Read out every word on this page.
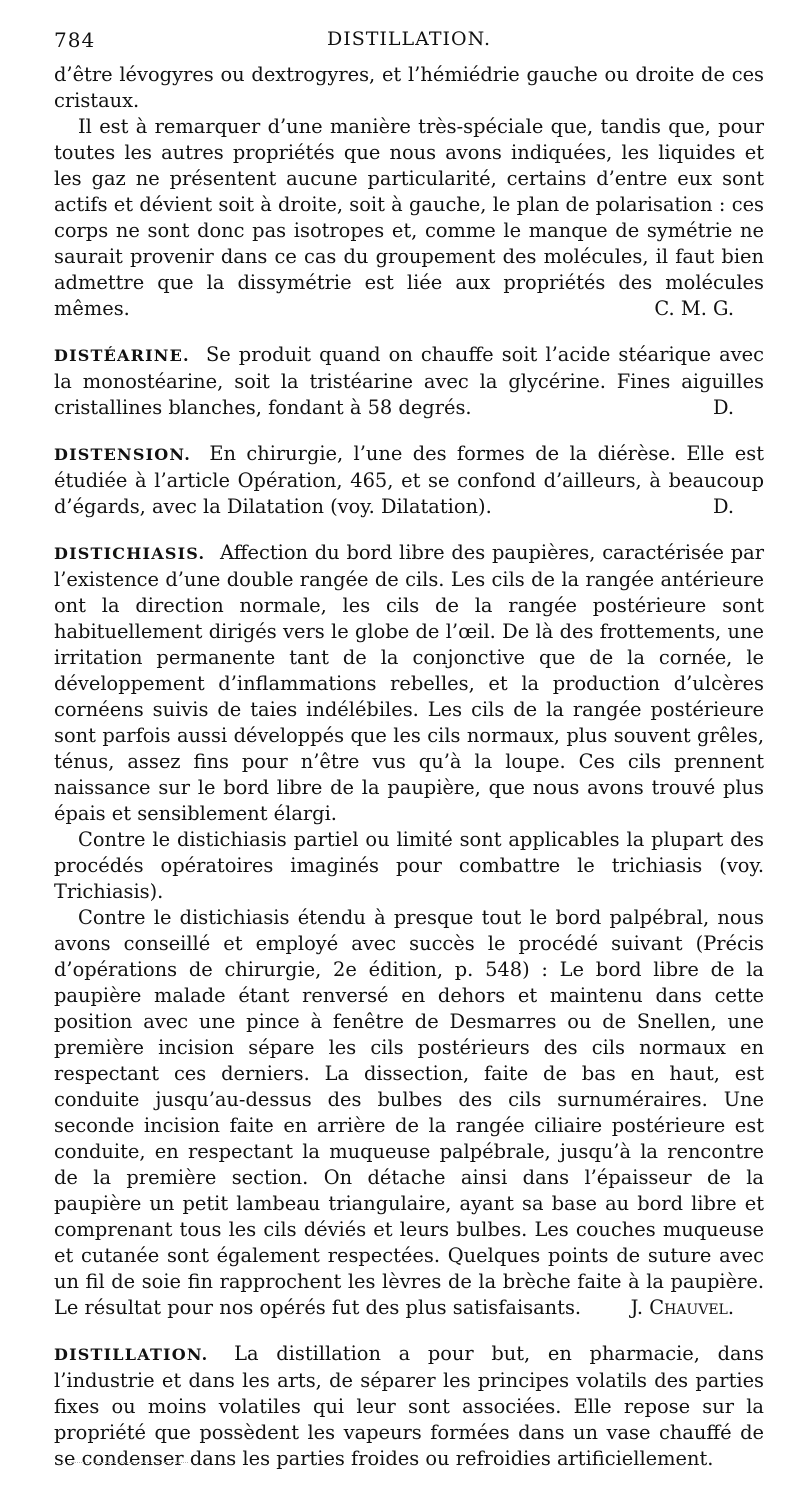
784	DISTILLATION.

d’être lévogyres ou dextrogyres, et l’hémiédrie gauche ou droite de ces cristaux.

Il est à remarquer d’une manière très-spéciale que, tandis que, pour toutes les autres propriétés que nous avons indiquées, les liquides et les gaz ne présentent aucune particularité, certains d’entre eux sont actifs et dévient soit à droite, soit à gauche, le plan de polarisation : ces corps ne sont donc pas isotropes et, comme le manque de symétrie ne saurait provenir dans ce cas du groupement des molécules, il faut bien admettre que la dissymétrie est liée aux propriétés des molécules mêmes.	C. M. G.

DISTÉARINE. Se produit quand on chauffe soit l’acide stéarique avec la monostéarine, soit la tristéarine avec la glycérine. Fines aiguilles cristallines blanches, fondant à 58 degrés.	D.

DISTENSION. En chirurgie, l’une des formes de la diérèse. Elle est étudiée à l’article Opération, 465, et se confond d’ailleurs, à beaucoup d’égards, avec la Dilatation (voy. Dilatation).	D.

DISTICHIASIS. Affection du bord libre des paupières, caractérisée par l’existence d’une double rangée de cils. Les cils de la rangée antérieure ont la direction normale, les cils de la rangée postérieure sont habituellement dirigés vers le globe de l’œil. De là des frottements, une irritation permanente tant de la conjonctive que de la cornée, le développement d’inflammations rebelles, et la production d’ulcères cornéens suivis de taies indélébiles. Les cils de la rangée postérieure sont parfois aussi développés que les cils normaux, plus souvent grêles, ténus, assez fins pour n’être vus qu’à la loupe. Ces cils prennent naissance sur le bord libre de la paupière, que nous avons trouvé plus épais et sensiblement élargi.

Contre le distichiasis partiel ou limité sont applicables la plupart des procédés opératoires imaginés pour combattre le trichiasis (voy. Trichiasis).

Contre le distichiasis étendu à presque tout le bord palpébral, nous avons conseillé et employé avec succès le procédé suivant (Précis d’opérations de chirurgie, 2e édition, p. 548) : Le bord libre de la paupière malade étant renversé en dehors et maintenu dans cette position avec une pince à fenêtre de Desmarres ou de Snellen, une première incision sépare les cils postérieurs des cils normaux en respectant ces derniers. La dissection, faite de bas en haut, est conduite jusqu’au-dessus des bulbes des cils surnuméraires. Une seconde incision faite en arrière de la rangée ciliaire postérieure est conduite, en respectant la muqueuse palpébrale, jusqu’à la rencontre de la première section. On détache ainsi dans l’épaisseur de la paupière un petit lambeau triangulaire, ayant sa base au bord libre et comprenant tous les cils déviés et leurs bulbes. Les couches muqueuse et cutanée sont également respectées. Quelques points de suture avec un fil de soie fin rapprochent les lèvres de la brèche faite à la paupière. Le résultat pour nos opérés fut des plus satisfaisants.	J. Chauvel.

DISTILLATION. La distillation a pour but, en pharmacie, dans l’industrie et dans les arts, de séparer les principes volatils des parties fixes ou moins volatiles qui leur sont associées. Elle repose sur la propriété que possèdent les vapeurs formées dans un vase chauffé de se condenser dans les parties froides ou refroidies artificiellement.
